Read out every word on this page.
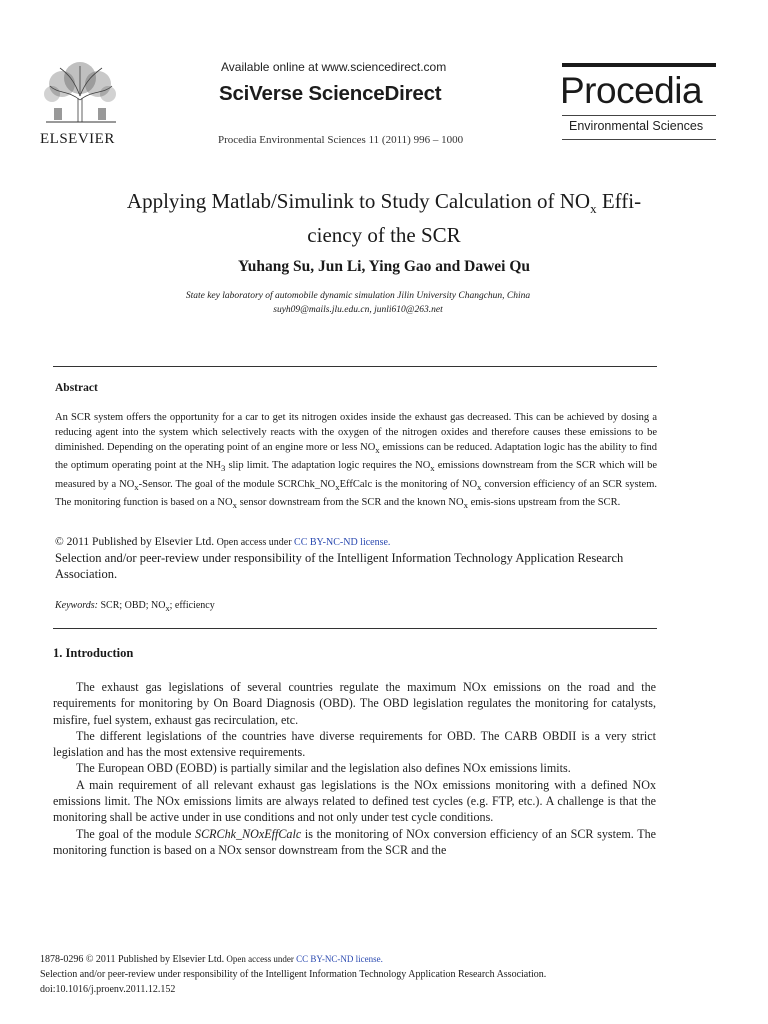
ELSEVIER
Available online at www.sciencedirect.com
SciVerse ScienceDirect
Procedia Environmental Sciences 11 (2011) 996 – 1000
Procedia
Environmental Sciences
Applying Matlab/Simulink to Study Calculation of $NO_x$ Effi-
ciency of the SCR
Yuhang Su, Jun Li, Ying Gao and Dawei Qu
State key laboratory of automobile dynamic simulation Jilin University Changchun, China
suyh09@mails.jlu.edu.cn, junli610@263.net
Abstract
An SCR system offers the opportunity for a car to get its nitrogen oxides inside the exhaust gas decreased. This can be achieved by dosing a reducing agent into the system which selectively reacts with the oxygen of the nitrogen oxides and therefore causes these emissions to be diminished. Depending on the operating point of an engine more or less $NO_x$ emissions can be reduced. Adaptation logic has the ability to find the optimum operating point at the $NH_3$ slip limit. The adaptation logic requires the $NO_x$ emissions downstream from the SCR which will be measured by a $NO_x$-Sensor. The goal of the module $SCRChk\_NO_xEffCalc$ is the monitoring of $NO_x$ conversion efficiency of an SCR system. The monitoring function is based on a $NO_x$ sensor downstream from the SCR and the known $NO_x$ emis-sions upstream from the SCR.
© 2011 Published by Elsevier Ltd. Open access under CC BY-NC-ND license.
Selection and/or peer-review under responsibility of the Intelligent Information Technology Application Research Association.
Keywords: SCR; OBD; $NO_x$; efficiency
1. Introduction

The exhaust gas legislations of several countries regulate the maximum NOx emissions on the road and the requirements for monitoring by On Board Diagnosis (OBD). The OBD legislation regulates the monitoring for catalysts, misfire, fuel system, exhaust gas recirculation, etc.

The different legislations of the countries have diverse requirements for OBD. The CARB OBDII is a very strict legislation and has the most extensive requirements.

The European OBD (EOBD) is partially similar and the legislation also defines NOx emissions limits.

A main requirement of all relevant exhaust gas legislations is the NOx emissions monitoring with a defined NOx emissions limit. The NOx emissions limits are always related to defined test cycles (e.g. FTP, etc.). A challenge is that the monitoring shall be active under in use conditions and not only under test cycle conditions.

The goal of the module SCRChk_NOxEffCalc is the monitoring of NOx conversion efficiency of an SCR system. The monitoring function is based on a NOx sensor downstream from the SCR and the

1878-0296 © 2011 Published by Elsevier Ltd. Open access under CC BY-NC-ND license.
Selection and/or peer-review under responsibility of the Intelligent Information Technology Application Research Association.
doi:10.1016/j.proenv.2011.12.152
